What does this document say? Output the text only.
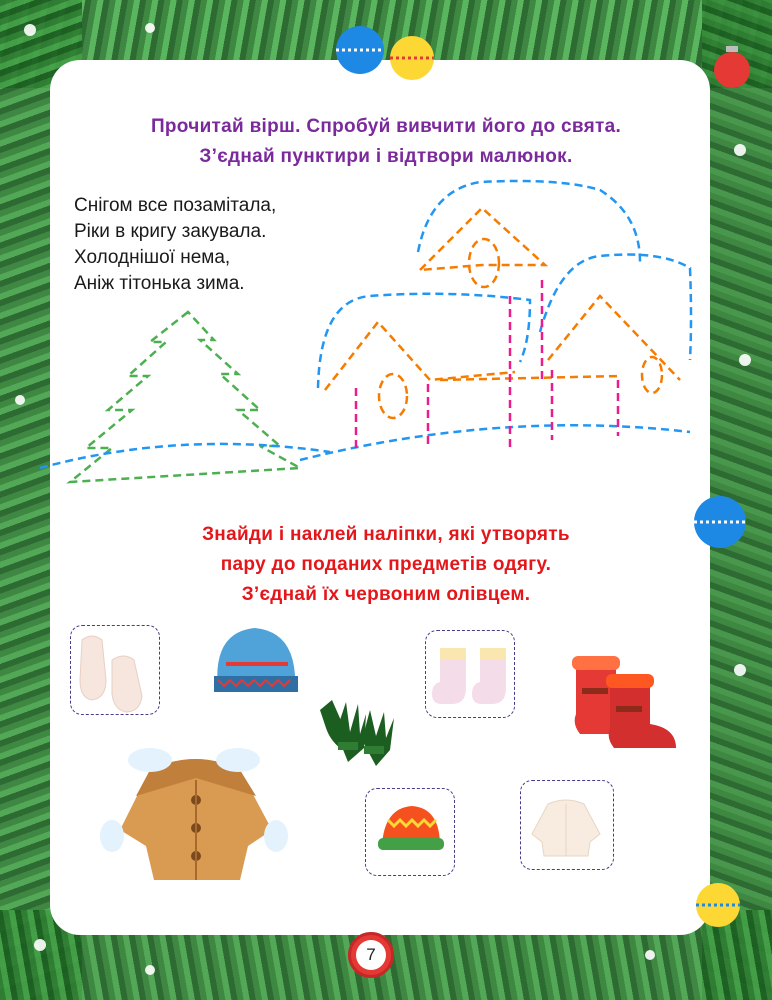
Прочитай вірш. Спробуй вивчити його до свята.
З’єднай пунктири і відтвори малюнок.
Снігом все позамітала,
Ріки в кригу закувала.
Холоднішої нема,
Аніж тітонька зима.
Знайди і наклей наліпки, які утворять
пару до поданих предметів одягу.
З’єднай їх червоним олівцем.
7
